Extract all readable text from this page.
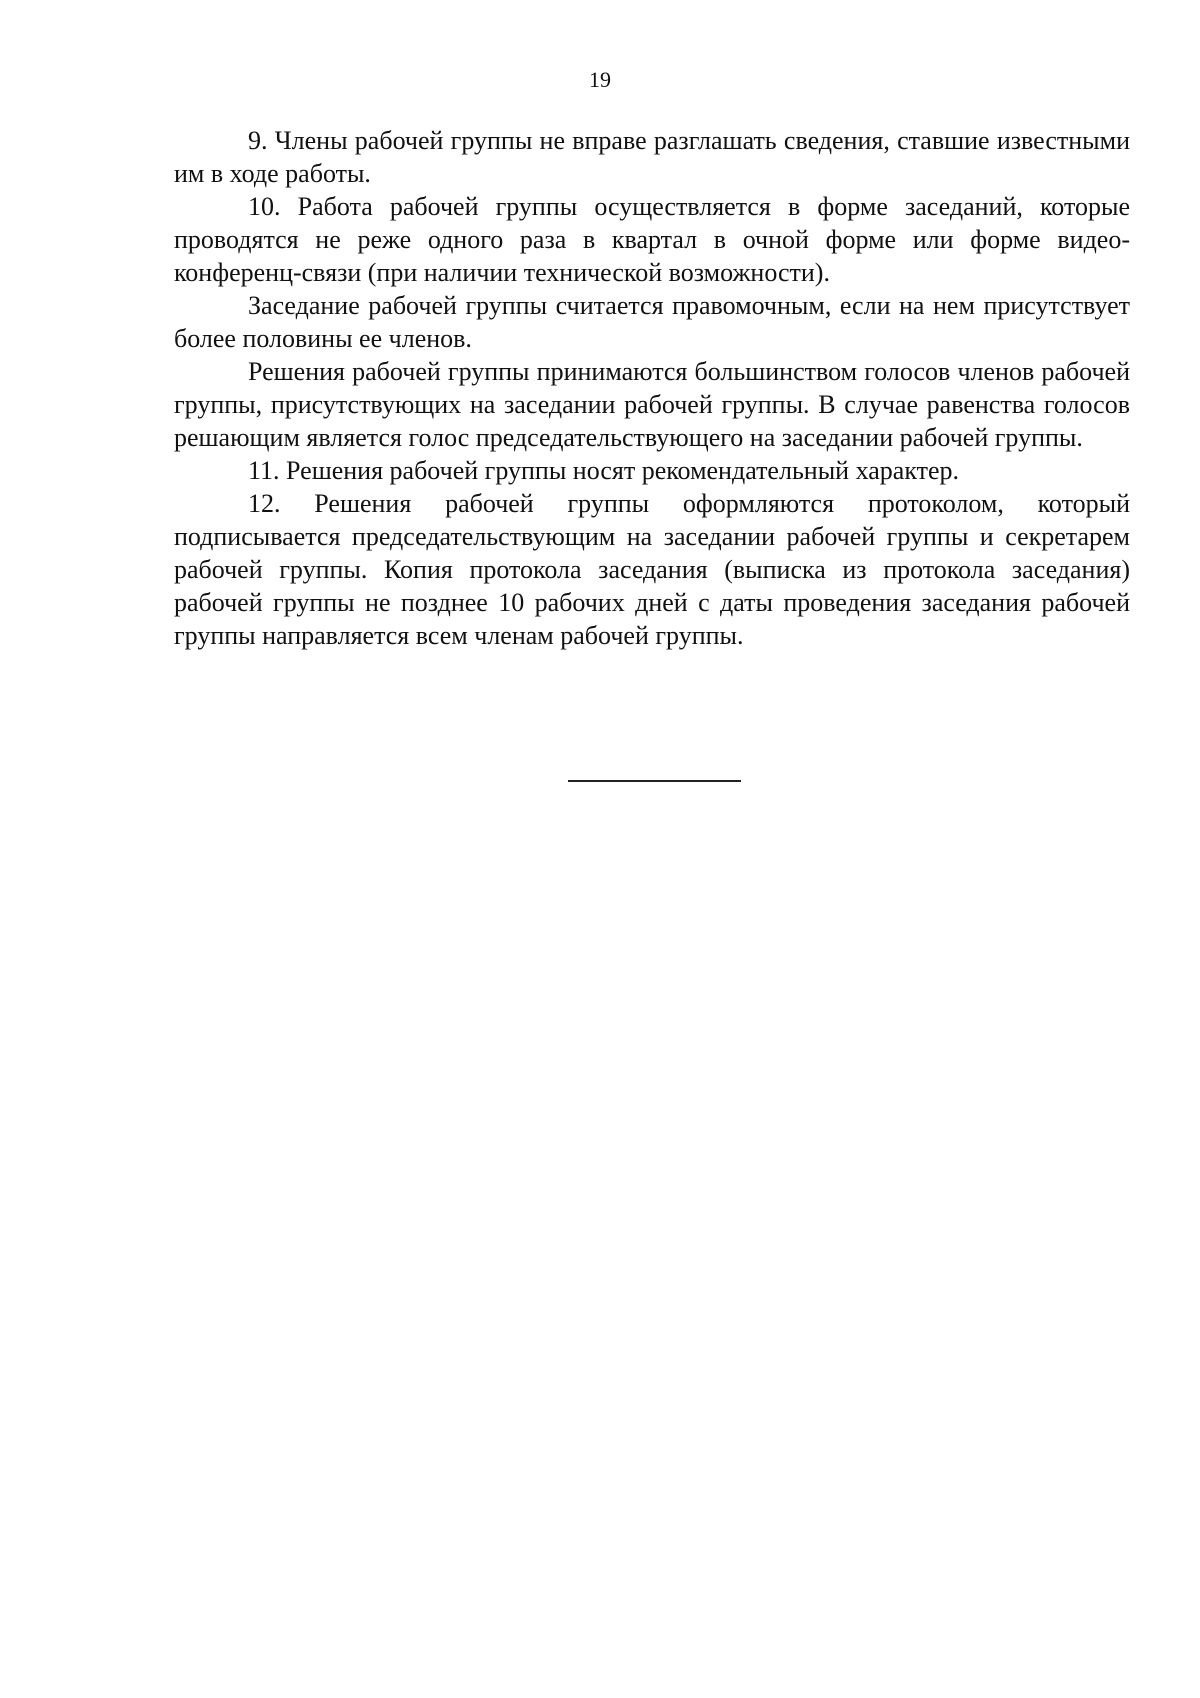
19

9. Члены рабочей группы не вправе разглашать сведения, ставшие известными им в ходе работы.

10. Работа рабочей группы осуществляется в форме заседаний, которые проводятся не реже одного раза в квартал в очной форме или форме видео-конференц-связи (при наличии технической возможности).

Заседание рабочей группы считается правомочным, если на нем присутствует более половины ее членов.

Решения рабочей группы принимаются большинством голосов членов рабочей группы, присутствующих на заседании рабочей группы. В случае равенства голосов решающим является голос председательствующего на заседании рабочей группы.

11. Решения рабочей группы носят рекомендательный характер.

12. Решения рабочей группы оформляются протоколом, который подписывается председательствующим на заседании рабочей группы и секретарем рабочей группы. Копия протокола заседания (выписка из протокола заседания) рабочей группы не позднее 10 рабочих дней с даты проведения заседания рабочей группы направляется всем членам рабочей группы.
